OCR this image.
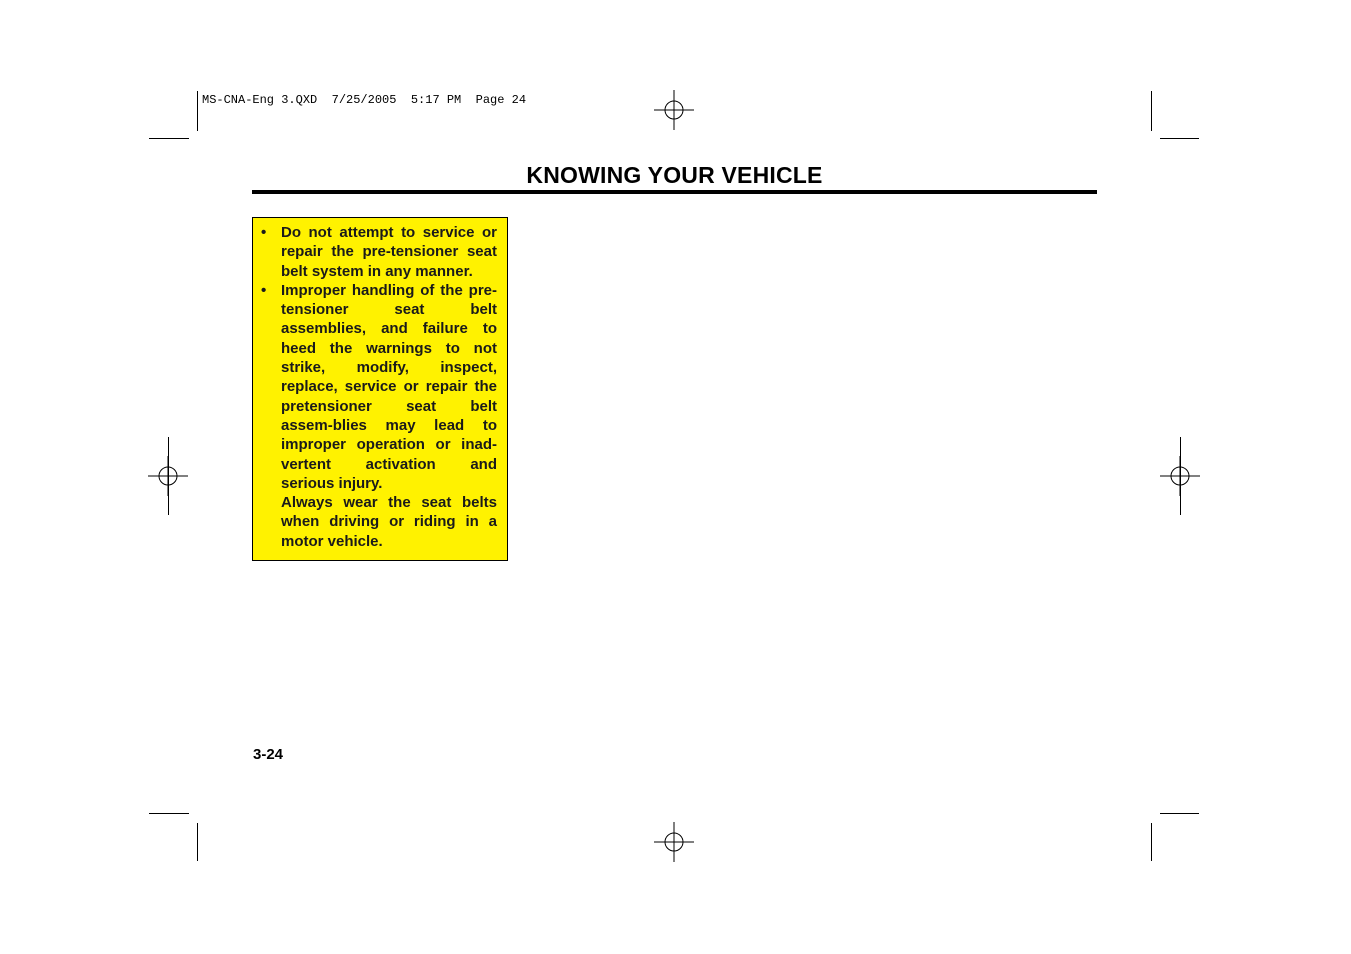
MS-CNA-Eng 3.QXD  7/25/2005  5:17 PM  Page 24
KNOWING YOUR VEHICLE
• Do not attempt to service or
repair the pre-tensioner seat
belt system in any manner.
• Improper handling of the pre-
tensioner seat belt
assemblies, and failure to
heed the warnings to not
strike, modify, inspect,
replace, service or repair the
pretensioner seat belt
assem-blies may lead to
improper operation or inad-
vertent activation and
serious injury.
Always wear the seat belts
when driving or riding in a
motor vehicle.
3-24
